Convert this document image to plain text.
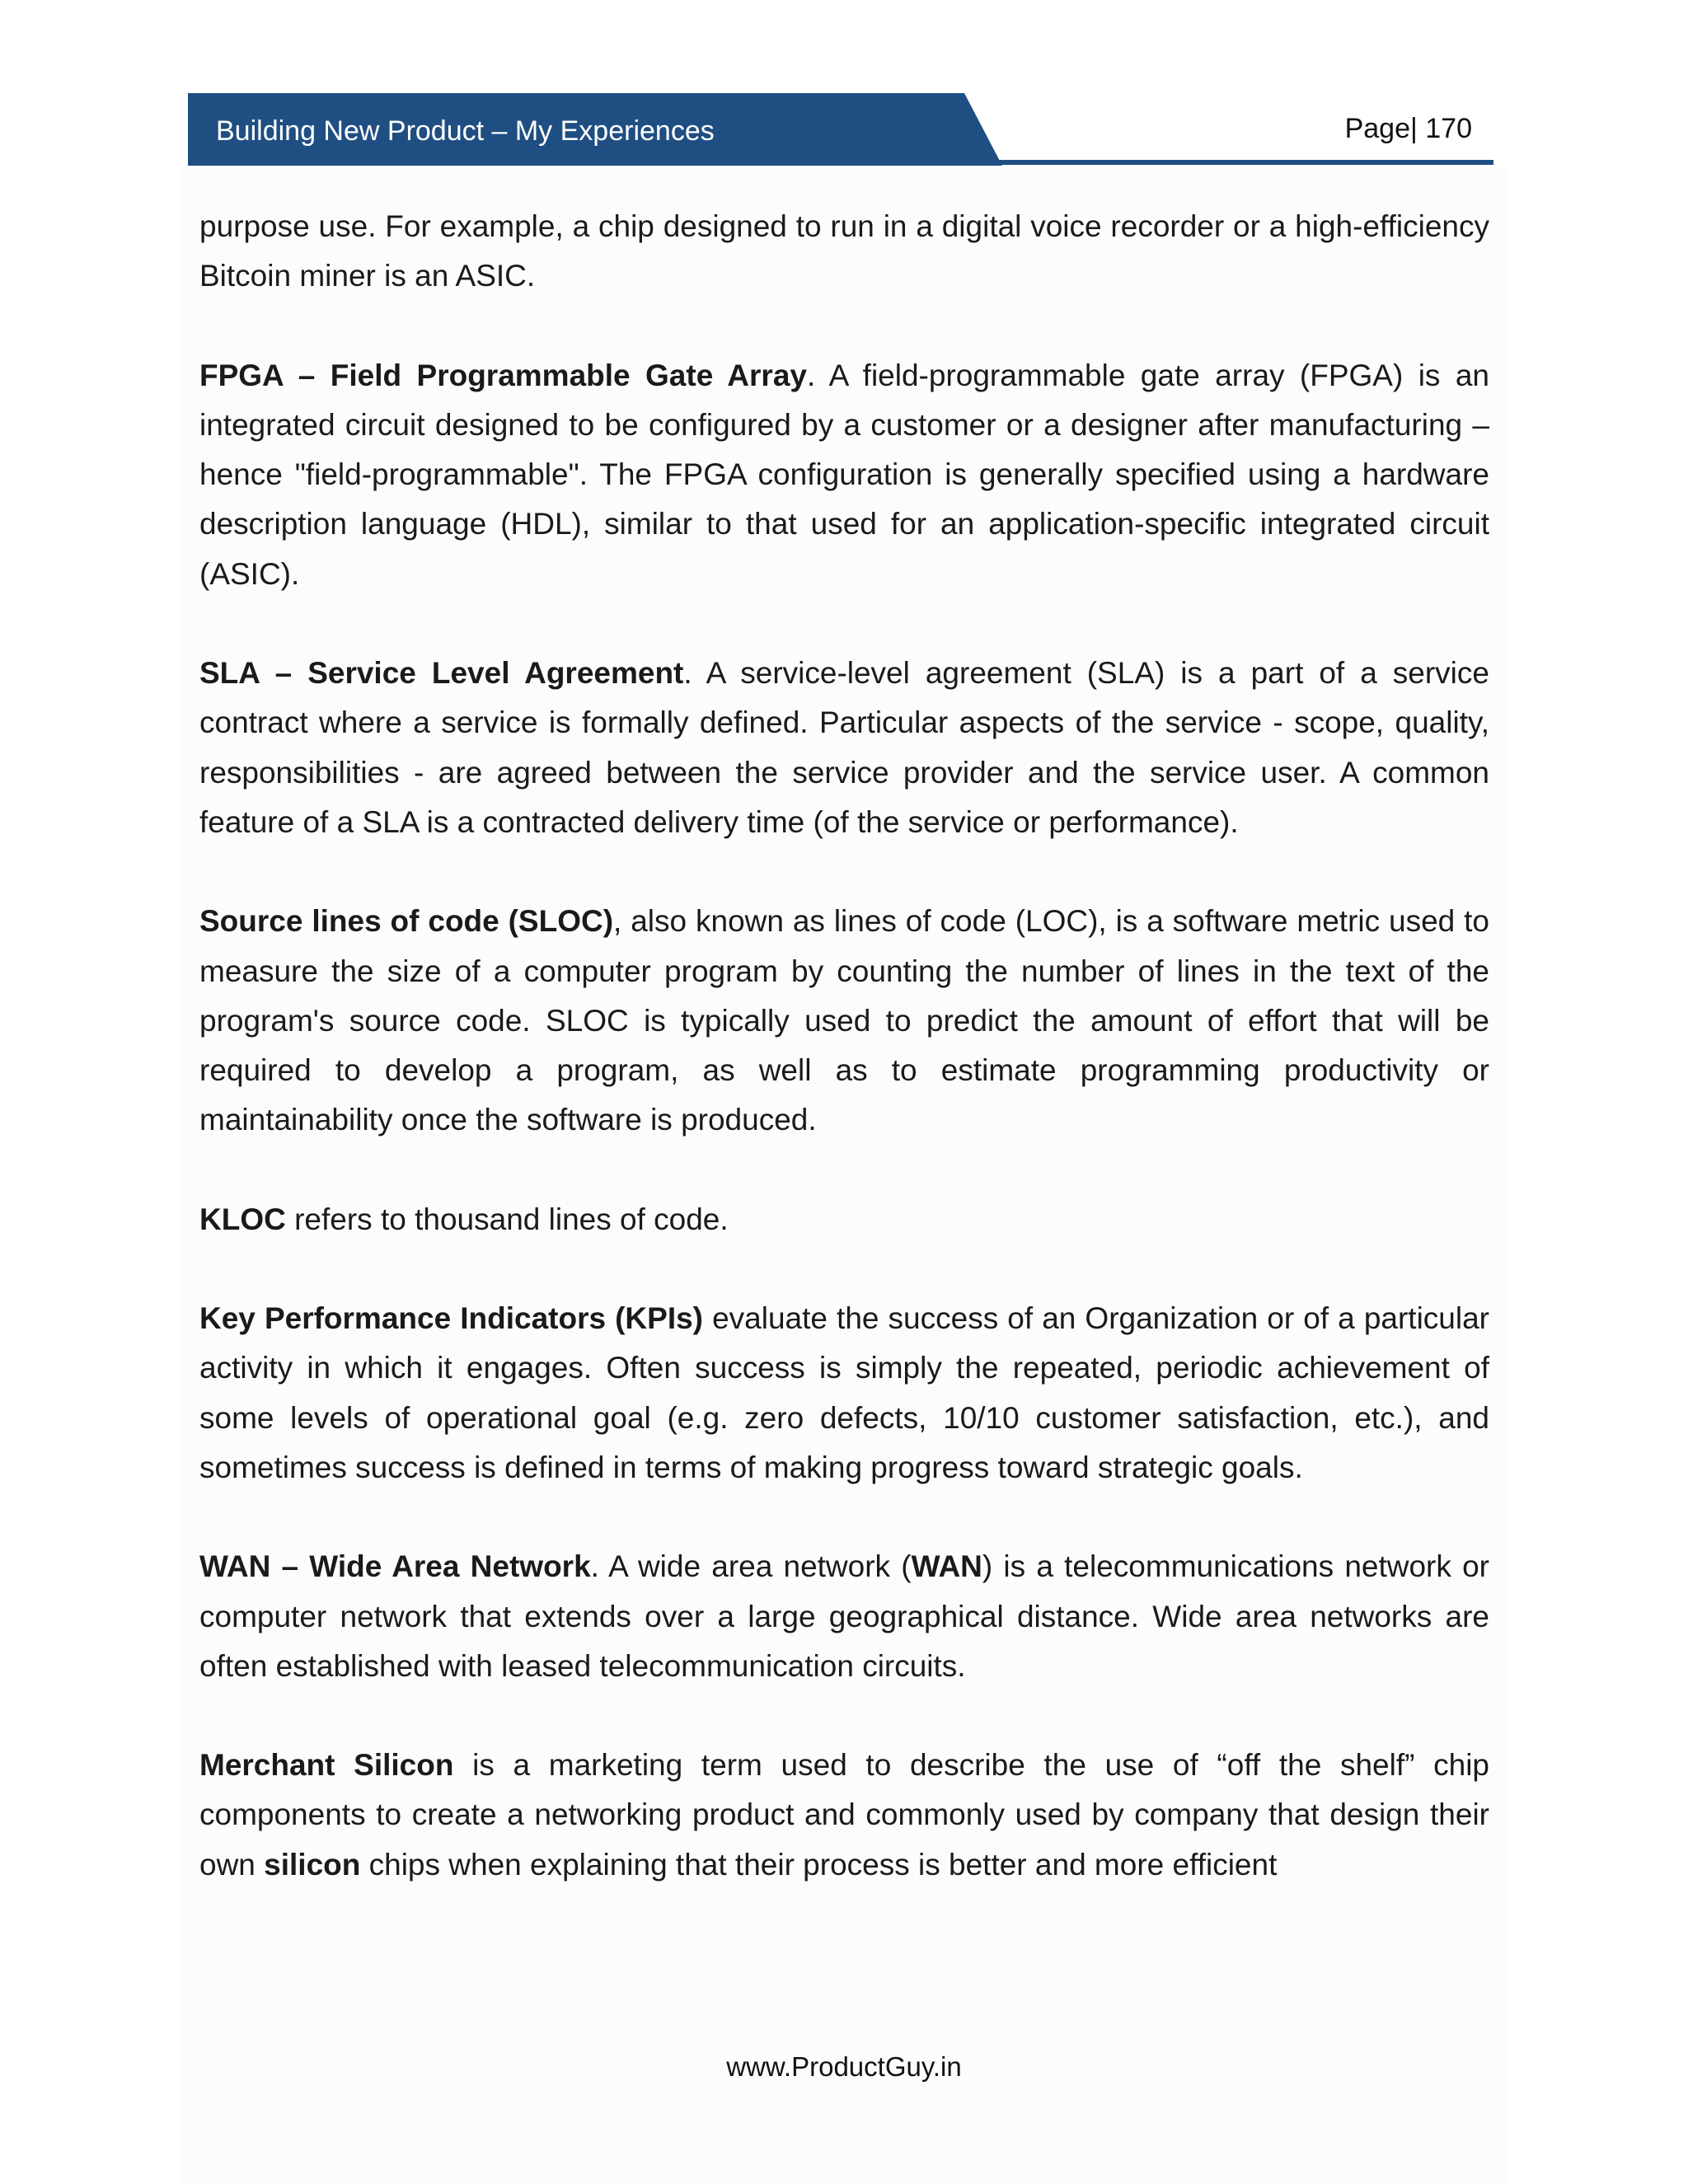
Building New Product – My Experiences	Page| 170

purpose use. For example, a chip designed to run in a digital voice recorder or a high-efficiency Bitcoin miner is an ASIC.

FPGA – Field Programmable Gate Array. A field-programmable gate array (FPGA) is an integrated circuit designed to be configured by a customer or a designer after manufacturing – hence "field-programmable". The FPGA configuration is generally specified using a hardware description language (HDL), similar to that used for an application-specific integrated circuit (ASIC).

SLA – Service Level Agreement. A service-level agreement (SLA) is a part of a service contract where a service is formally defined. Particular aspects of the service - scope, quality, responsibilities - are agreed between the service provider and the service user. A common feature of a SLA is a contracted delivery time (of the service or performance).

Source lines of code (SLOC), also known as lines of code (LOC), is a software metric used to measure the size of a computer program by counting the number of lines in the text of the program's source code. SLOC is typically used to predict the amount of effort that will be required to develop a program, as well as to estimate programming productivity or maintainability once the software is produced.

KLOC refers to thousand lines of code.

Key Performance Indicators (KPIs) evaluate the success of an Organization or of a particular activity in which it engages. Often success is simply the repeated, periodic achievement of some levels of operational goal (e.g. zero defects, 10/10 customer satisfaction, etc.), and sometimes success is defined in terms of making progress toward strategic goals.

WAN – Wide Area Network. A wide area network (WAN) is a telecommunications network or computer network that extends over a large geographical distance. Wide area networks are often established with leased telecommunication circuits.

Merchant Silicon is a marketing term used to describe the use of “off the shelf” chip components to create a networking product and commonly used by company that design their own silicon chips when explaining that their process is better and more efficient

www.ProductGuy.in
